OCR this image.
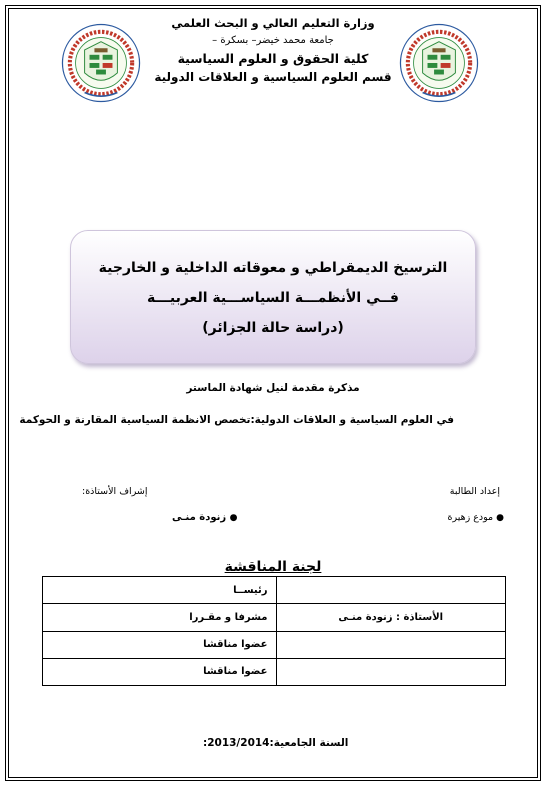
وزارة التعليم العالي و البحث العلمي
جامعة محمد خيضر– بسكرة –
كلية الحقوق و العلوم السياسية
قسم العلوم السياسية و العلاقات الدولية
الترسيخ الديمقراطي و معوقاته الداخلية و الخارجية
فــي الأنظمـــة السياســـية العربيـــة
(دراسة حالة الجزائر)
مذكرة مقدمة لنيل شهادة الماستر
في العلوم السياسية و العلاقات الدولية:تخصص الانظمة السياسية المقارنة و الحوكمة
إعداد الطالبة
● مودع زهيرة
إشراف الأستاذة:
● زنودة منـى
لجنة المناقشة
	رئيســا
الأستاذة : زنودة منـى	مشرفا و مقـررا
	عضوا مناقشا
	عضوا مناقشا
السنة الجامعية:2013/2014:
